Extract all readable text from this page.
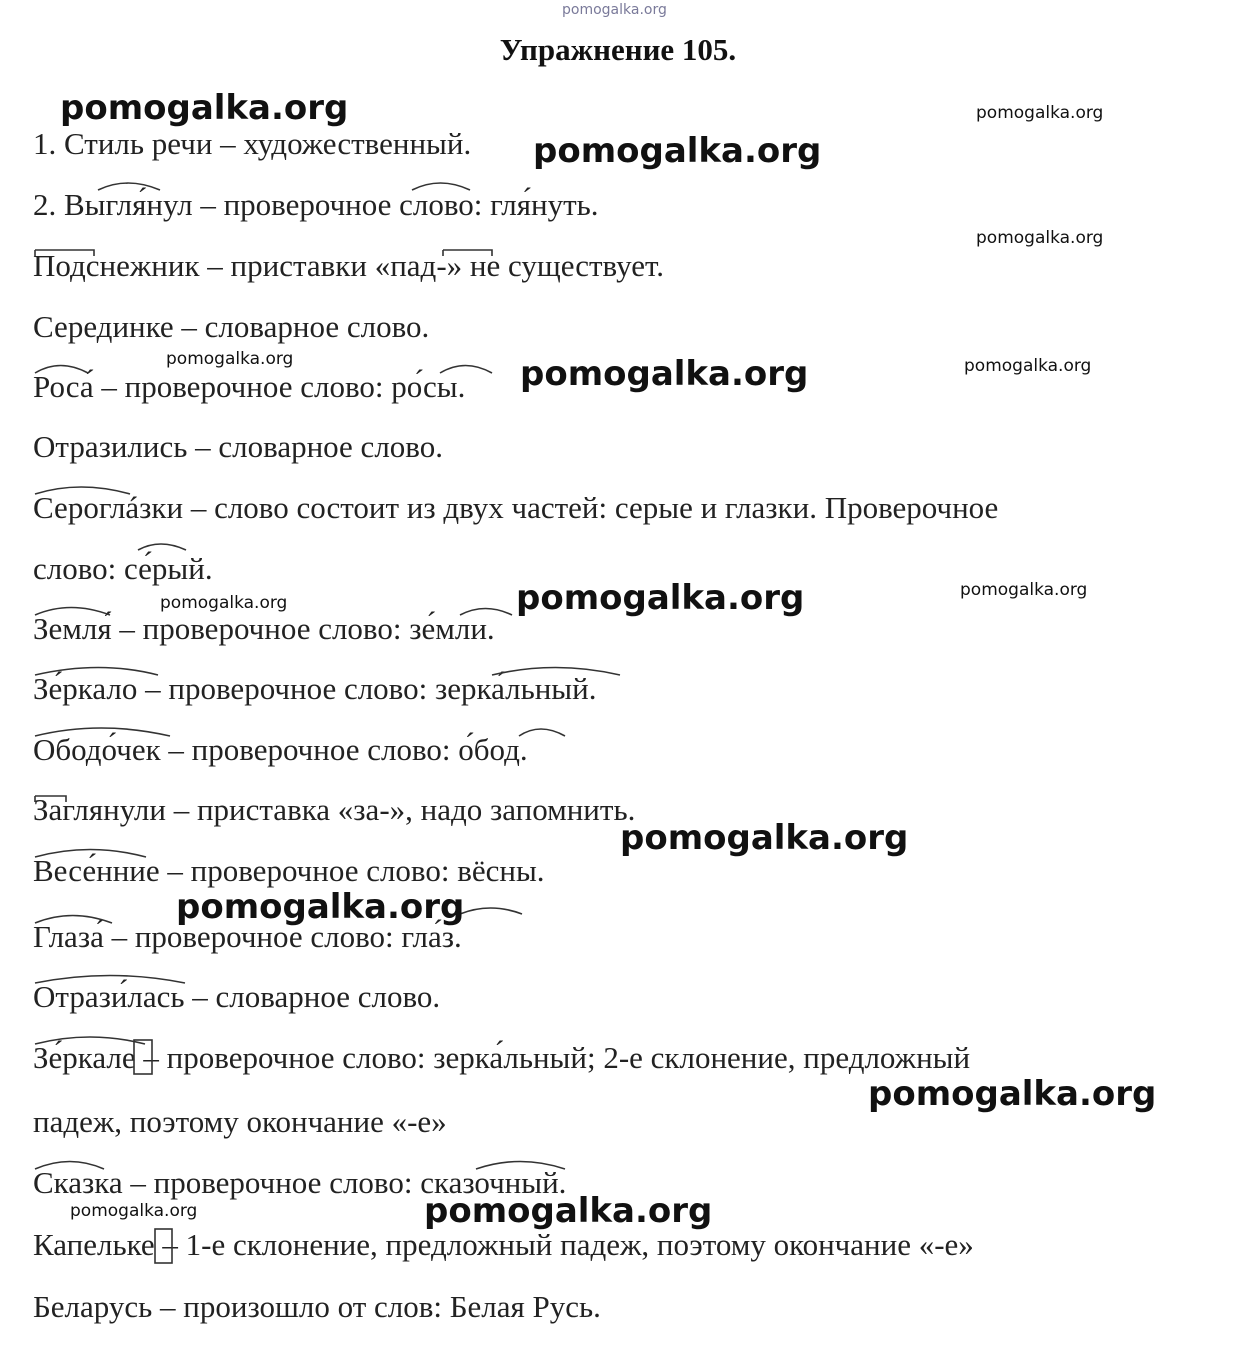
pomogalka.org
Упражнение 105.
1. Стиль речи – художественный.
2. Выгля́нул – проверочное слово: гля́нуть.
Подснежник – приставки «пад-» не существует.
Серединке – словарное слово.
Роса́ – проверочное слово: ро́сы.
Отразились – словарное слово.
Сероглáзки – слово состоит из двух частей: серые и глазки. Проверочное
слово: се́рый.
Земля́ – проверочное слово: зе́мли.
Зе́ркало – проверочное слово: зерка́льный.
Ободо́чек – проверочное слово: о́бод.
Заглянули – приставка «за-», надо запомнить.
Весе́нние – проверочное слово: вёсны.
Глаза́ – проверочное слово: гла́з.
Отрази́лась – словарное слово.
Зе́ркале – проверочное слово: зерка́льный; 2-е склонение, предложный
падеж, поэтому окончание «-е»
Сказка – проверочное слово: сказочный.
Капельке – 1-е склонение, предложный падеж, поэтому окончание «-е»
Беларусь – произошло от слов: Белая Русь.
pomogalka.org	pomogalka.org
pomogalka.org
pomogalka.org
pomogalka.org	pomogalka.org	pomogalka.org
pomogalka.org	pomogalka.org	pomogalka.org
pomogalka.org
pomogalka.org
pomogalka.org
pomogalka.org	pomogalka.org
